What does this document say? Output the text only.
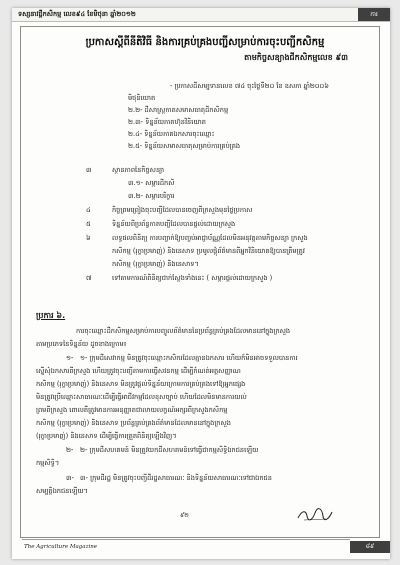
ទស្សនាវដ្តីកសិកម្ម លេខ៩៤ ខែមិថុនា ឆ្នាំ២០១២	ការ
ប្រកាសស្តីពីនីតិវិធី និងការគ្រប់គ្រងបញ្ជីសម្រាប់ការចុះបញ្ជីកសិកម្ម
តាមកិច្ចសន្យាងជីកសិកម្មលេខ ៩៣
- ប្រកាសដីសម្បទានលេខ ៧៤ ចុះថ្ងៃទី២០ ខែ ឧសភា ឆ្នាំ២០០៦
មិថុនិយោគ
២.២- ដីសាស្ត្រកាតសមាសធាតុដីកសិកម្ម
២.៣- ទិន្នន័យភាគហ៊ុនវិនិយោគ
២.៤- ទិន្នន័យភាគឯកសារចុះឈ្មោះ
២.៥- ទិន្នន័យសមាសធាតុសម្រាប់ការគ្រប់គ្រង
៣	ស្ថានភាពនៃកិច្ចសន្យា
៣.១- សម្ភារដីកសិ
៣.២- សម្ភារបរិក្ខារ
៤	កិច្ចព្រមព្រៀងចុះបញ្ជីដែលបានចេញពីក្រសួងមុនថ្ងៃប្រកាស
៥	ទិន្នន័យពីប្រព័ន្ធកាតបញ្ជីដែលបានផ្តល់ដោយក្រសួង
៦	លទ្ធផលពិនិត្យ ការបញ្ជាក់ឱ្យបញ្ចប់អាជ្ញាប័ណ្ណដែលមិនអនុវត្តតាមកិច្ចសន្យា ក្រសួង
កសិកម្ម (រុក្ខាប្រមាញ់) និងនេសាទ ប្រមូលផ្តុំព័ត៌មានពីអ្នកវិនិយោគឱ្យបានត្រឹមត្រូវ
កសិកម្ម (រុក្ខាប្រមាញ់) និងនេសាទ។
៧	ទៅតាមការណ៍ពិនិត្យជាក់ស្តែងទាំងនេះ ( សម្ភារផ្តល់ដោយក្រសួង )
ប្រការ ៦.
ការចុះឈ្មោះដីកសិកម្មសម្រាប់ការបញ្ចូលព័ត៌មាននៃប្រព័ន្ធគ្រប់គ្រងដែលមាននៅក្នុងក្រសួង
តាមប្រភេទនៃទិន្នន័យ ដូចខាងក្រោម៖
១- ១- ក្រុមដីសេវាកម្ម មិនត្រូវចុះឈ្មោះកសិករដែលគ្មានឯកសារ ហើយក៏មិនអាចទទួលបានការ
ស្នើសុំឯកសារពីក្រសួង ហើយត្រូវចុះបញ្ជីតាមការធ្វើសវនកម្ម ដើម្បីកំណត់អត្តសញ្ញាណ
កសិកម្ម (រុក្ខាប្រមាញ់) និងនេសាទ មិនត្រូវផ្តល់ទិន្នន័យក្រោមការគ្រប់គ្រងទៅឱ្យអ្នកផ្សេង
មិនត្រូវប្រើឈ្មោះសាធារណៈដើម្បីធ្វើអាជីវកម្មដែលខុសច្បាប់ ហើយដែលមិនមានការយល់
ព្រមពីក្រសួង ពោលគឺត្រូវមានការអនុញ្ញាតជាលាយលក្ខណ៍អក្សរពីក្រសួងកសិកម្ម
កសិកម្ម (រុក្ខាប្រមាញ់) និងនេសាទ ប្រព័ន្ធគ្រប់គ្រងព័ត៌មានដែលមាននៅក្នុងក្រសួង
(រុក្ខាប្រមាញ់) និងនេសាទ ដើម្បីធ្វើការត្រួតពិនិត្យឡើងវិញ។
២- ២- ក្រុមដីសហគមន៍ មិនត្រូវយកដីសហគមន៍ទៅធ្វើជាកម្មសិទ្ធិឯកជនឡើយ
កម្មសិទ្ធិ។
៣- ៣- ក្រុមដីរដ្ឋ មិនត្រូវចុះបញ្ជីដីរដ្ឋសាធារណៈ និងទិន្នន័យសាធារណៈទៅជាឯកជន
សម្បត្តិឯកជនឡើយ។
៩២
The Agriculture Magazine	៨៩
